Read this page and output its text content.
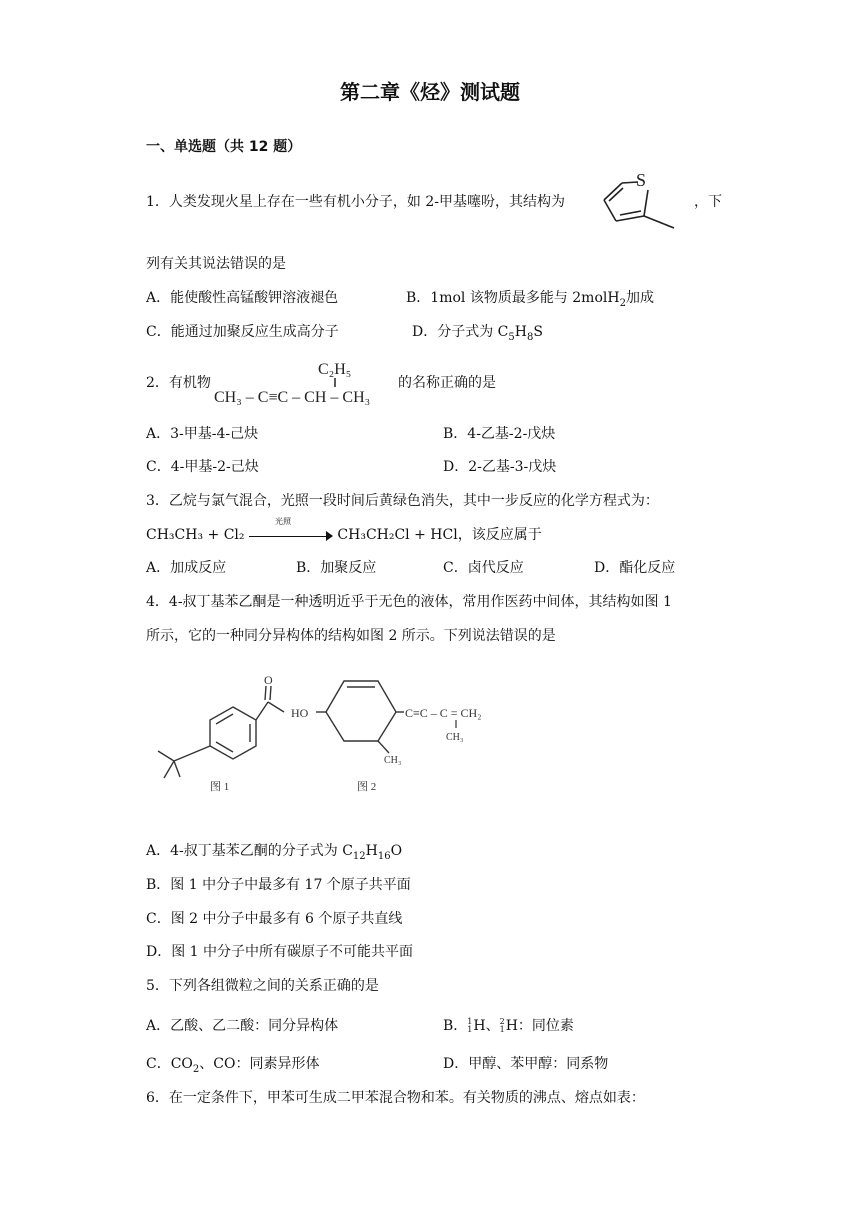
第二章《烃》测试题
一、单选题（共 12 题）
1．人类发现火星上存在一些有机小分子，如 2-甲基噻吩，其结构为
S
，下
列有关其说法错误的是
A．能使酸性高锰酸钾溶液褪色	B．1mol 该物质最多能与 2molH$_2$加成
C．能通过加聚反应生成高分子	D．分子式为 $C_5H_8S$
2．有机物
C₂H₅
CH₃ – C≡C – CH – CH₃
的名称正确的是
A．3-甲基-4-己炔	B．4-乙基-2-戊炔
C．4-甲基-2-己炔	D．2-乙基-3-戊炔
3．乙烷与氯气混合，光照一段时间后黄绿色消失，其中一步反应的化学方程式为：
CH₃CH₃ + Cl₂
光照
CH₃CH₂Cl + HCl，该反应属于
A．加成反应	B．加聚反应	C．卤代反应	D．酯化反应
4．4-叔丁基苯乙酮是一种透明近乎于无色的液体，常用作医药中间体，其结构如图 1
所示，它的一种同分异构体的结构如图 2 所示。下列说法错误的是
O
图 1
HO	C≡C – C = CH₂
CH₃
CH₃
图 2
A．4-叔丁基苯乙酮的分子式为 $C_{12}H_{16}O$
B．图 1 中分子中最多有 17 个原子共平面
C．图 2 中分子中最多有 6 个原子共直线
D．图 1 中分子中所有碳原子不可能共平面
5．下列各组微粒之间的关系正确的是
A．乙酸、乙二酸：同分异构体	B． 1
1 H、 2
1 H：同位素
C．$CO_2$、CO：同素异形体	D．甲醇、苯甲醇：同系物
6．在一定条件下，甲苯可生成二甲苯混合物和苯。有关物质的沸点、熔点如表：
